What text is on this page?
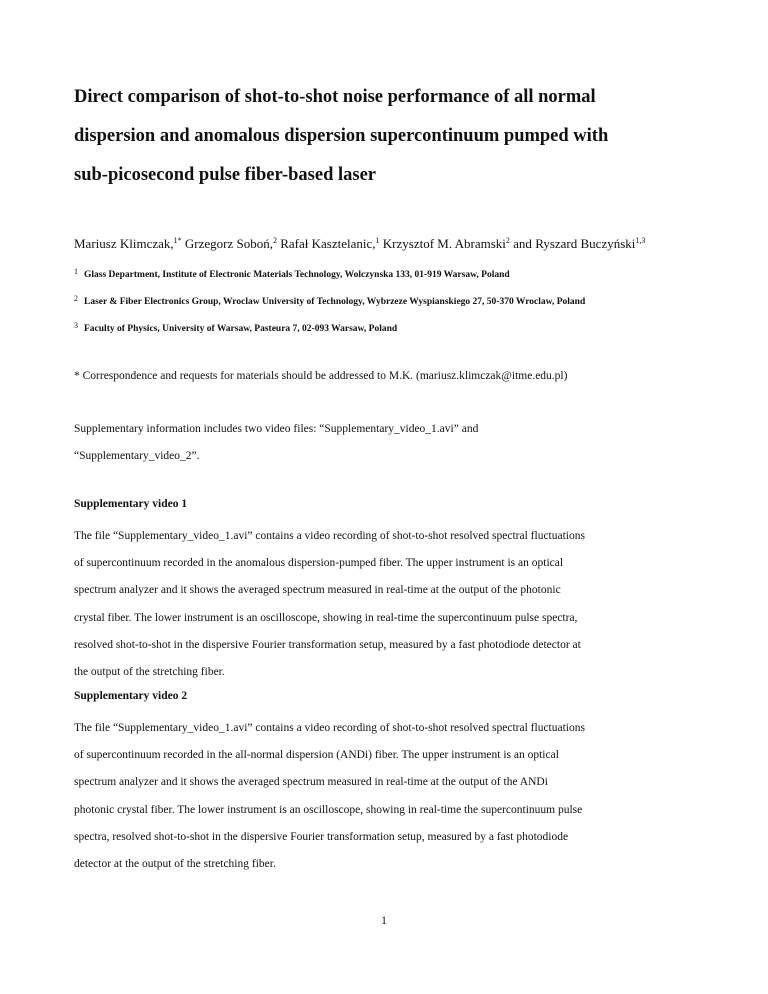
Direct comparison of shot-to-shot noise performance of all normal
dispersion and anomalous dispersion supercontinuum pumped with
sub-picosecond pulse fiber-based laser
Mariusz Klimczak,$^{1*}$ Grzegorz Soboń,$^2$ Rafał Kasztelanic,$^1$ Krzysztof M. Abramski$^2$ and Ryszard Buczyński$^{1,3}$
$^1$ Glass Department, Institute of Electronic Materials Technology, Wolczynska 133, 01-919 Warsaw, Poland
$^2$ Laser & Fiber Electronics Group, Wroclaw University of Technology, Wybrzeze Wyspianskiego 27, 50-370 Wroclaw, Poland
$^3$ Faculty of Physics, University of Warsaw, Pasteura 7, 02-093 Warsaw, Poland
* Correspondence and requests for materials should be addressed to M.K. (mariusz.klimczak@itme.edu.pl)

Supplementary information includes two video files: “Supplementary_video_1.avi” and
“Supplementary_video_2”.

Supplementary video 1

The file “Supplementary_video_1.avi” contains a video recording of shot-to-shot resolved spectral fluctuations
of supercontinuum recorded in the anomalous dispersion-pumped fiber. The upper instrument is an optical
spectrum analyzer and it shows the averaged spectrum measured in real-time at the output of the photonic
crystal fiber. The lower instrument is an oscilloscope, showing in real-time the supercontinuum pulse spectra,
resolved shot-to-shot in the dispersive Fourier transformation setup, measured by a fast photodiode detector at
the output of the stretching fiber.

Supplementary video 2

The file “Supplementary_video_1.avi” contains a video recording of shot-to-shot resolved spectral fluctuations
of supercontinuum recorded in the all-normal dispersion (ANDi) fiber. The upper instrument is an optical
spectrum analyzer and it shows the averaged spectrum measured in real-time at the output of the ANDi
photonic crystal fiber. The lower instrument is an oscilloscope, showing in real-time the supercontinuum pulse
spectra, resolved shot-to-shot in the dispersive Fourier transformation setup, measured by a fast photodiode
detector at the output of the stretching fiber.

1
